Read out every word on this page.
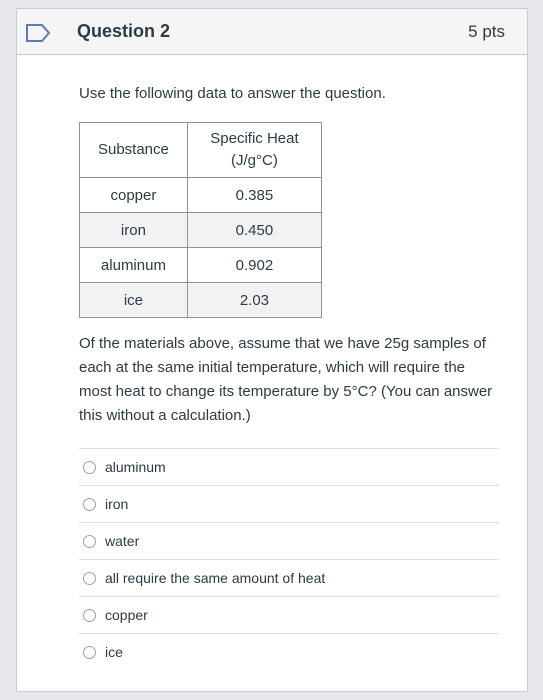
Question 2	5 pts

Use the following data to answer the question.

Substance	Specific Heat
(J/g°C)
copper	0.385
iron	0.450
aluminum	0.902
ice	2.03

Of the materials above, assume that we have 25g samples of each at the same initial temperature, which will require the most heat to change its temperature by 5°C? (You can answer this without a calculation.)

aluminum
iron
water
all require the same amount of heat
copper
ice
